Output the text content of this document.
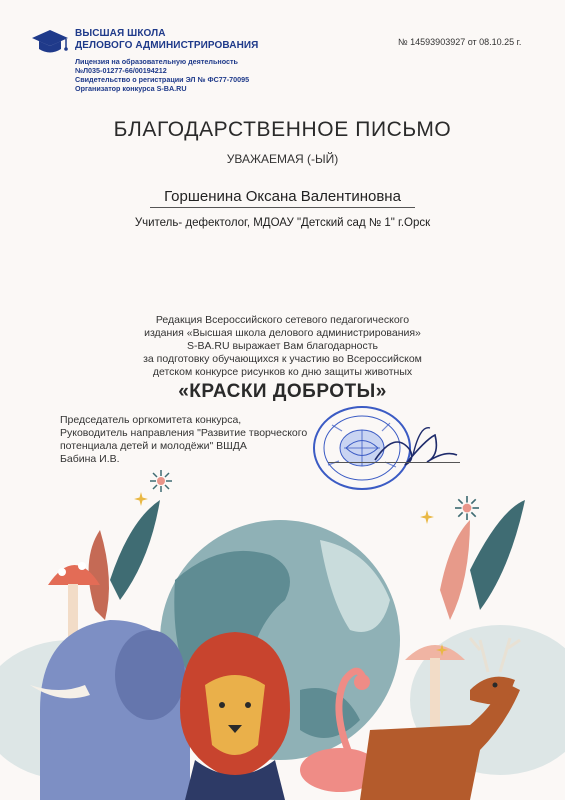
ВЫСШАЯ ШКОЛА
ДЕЛОВОГО АДМИНИСТРИРОВАНИЯ
Лицензия на образовательную деятельность
№Л035-01277-66/00194212
Свидетельство о регистрации ЭЛ № ФС77-70095
Организатор конкурса S-BA.RU
№ 14593903927 от 08.10.25 г.
БЛАГОДАРСТВЕННОЕ ПИСЬМО
УВАЖАЕМАЯ (-ЫЙ)
Горшенина Оксана Валентиновна
Учитель- дефектолог, МДОАУ "Детский сад № 1" г.Орск
Редакция Всероссийского сетевого педагогического
издания «Высшая школа делового администрирования»
S-BA.RU выражает Вам благодарность
за подготовку обучающихся к участию во Всероссийском
детском конкурсе рисунков ко дню защиты животных
«КРАСКИ ДОБРОТЫ»
Председатель оргкомитета конкурса,
Руководитель направления "Развитие творческого
потенциала детей и молодёжи" ВШДА
Бабина И.В.
